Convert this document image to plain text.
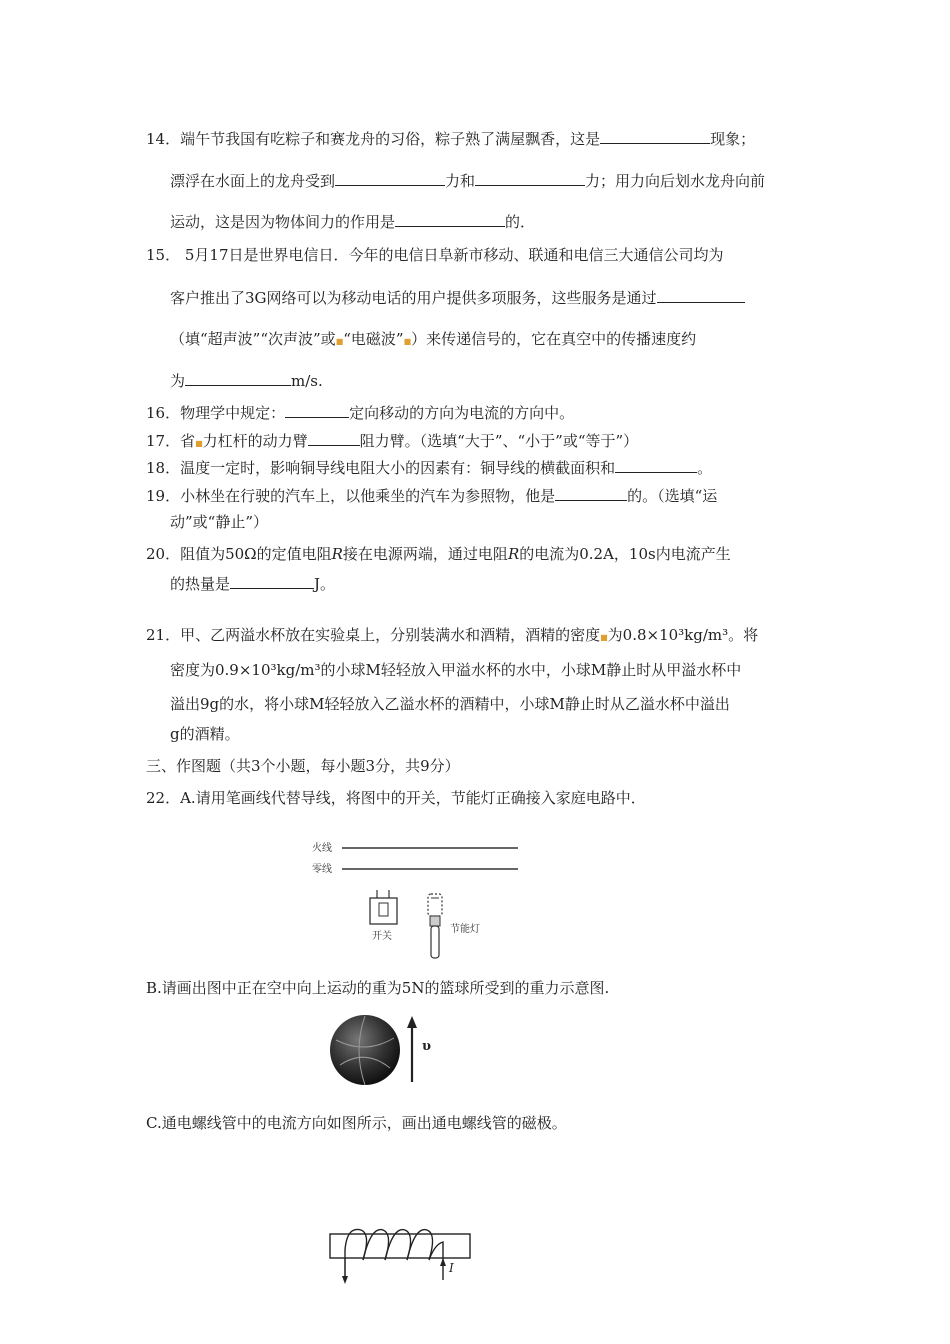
14．端午节我国有吃粽子和赛龙舟的习俗，粽子熟了满屋飘香，这是	现象；
漂浮在水面上的龙舟受到	力和	力；用力向后划水龙舟向前
运动，这是因为物体间力的作用是	的．
15． 5月17日是世界电信日．今年的电信日阜新市移动、联通和电信三大通信公司均为
客户推出了3G网络可以为移动电话的用户提供多项服务，这些服务是通过
（填“超声波”“次声波”或■“电磁波”■）来传递信号的，它在真空中的传播速度约
为	m/s.
16．物理学中规定：	定向移动的方向为电流的方向中。
17．省■力杠杆的动力臂	阻力臂。（选填“大于”、“小于”或“等于”）
18．温度一定时，影响铜导线电阻大小的因素有：铜导线的横截面积和	。
19．小林坐在行驶的汽车上，以他乘坐的汽车为参照物，他是	的。（选填“运
动”或“静止”）
20．阻值为50Ω的定值电阻R接在电源两端，通过电阻R的电流为0.2A，10s内电流产生
的热量是	J。
21．甲、乙两溢水杯放在实验桌上，分别装满水和酒精，酒精的密度■为0.8×10³kg/m³。将
密度为0.9×10³kg/m³的小球M轻轻放入甲溢水杯的水中，小球M静止时从甲溢水杯中
溢出9g的水，将小球M轻轻放入乙溢水杯的酒精中，小球M静止时从乙溢水杯中溢出
g的酒精。
三、作图题（共3个小题，每小题3分，共9分）
22．A.请用笔画线代替导线，将图中的开关，节能灯正确接入家庭电路中．
火线
零线
开关
节能灯
B.请画出图中正在空中向上运动的重为5N的篮球所受到的重力示意图.
υ
C.通电螺线管中的电流方向如图所示，画出通电螺线管的磁极。
I
